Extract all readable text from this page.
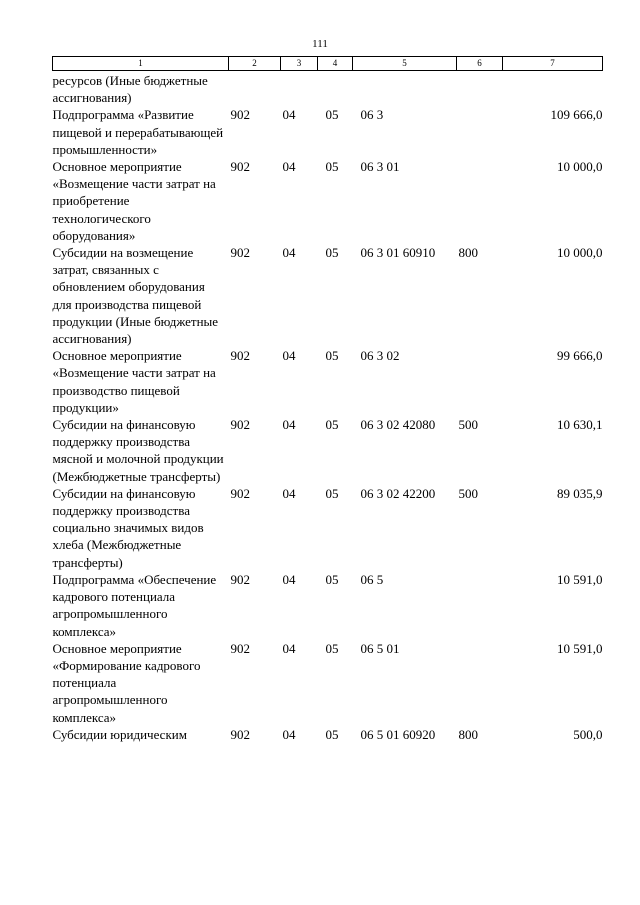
111
1	2	3	4	5	6	7
ресурсов (Иные бюджетные ассигнования)						
Подпрограмма «Развитие пищевой и перерабатывающей промышленности»	902	04	05	06 3		109 666,0
Основное мероприятие «Возмещение части затрат на приобретение технологического оборудования»	902	04	05	06 3 01		10 000,0
Субсидии на возмещение затрат, связанных с обновлением оборудования для производства пищевой продукции (Иные бюджетные ассигнования)	902	04	05	06 3 01 60910	800	10 000,0
Основное мероприятие «Возмещение части затрат на производство пищевой продукции»	902	04	05	06 3 02		99 666,0
Субсидии на финансовую поддержку производства мясной и молочной продукции (Межбюджетные трансферты)	902	04	05	06 3 02 42080	500	10 630,1
Субсидии на финансовую поддержку производства социально значимых видов хлеба (Межбюджетные трансферты)	902	04	05	06 3 02 42200	500	89 035,9
Подпрограмма «Обеспечение кадрового потенциала агропромышленного комплекса»	902	04	05	06 5		10 591,0
Основное мероприятие «Формирование кадрового потенциала агропромышленного комплекса»	902	04	05	06 5 01		10 591,0
Субсидии юридическим	902	04	05	06 5 01 60920	800	500,0
